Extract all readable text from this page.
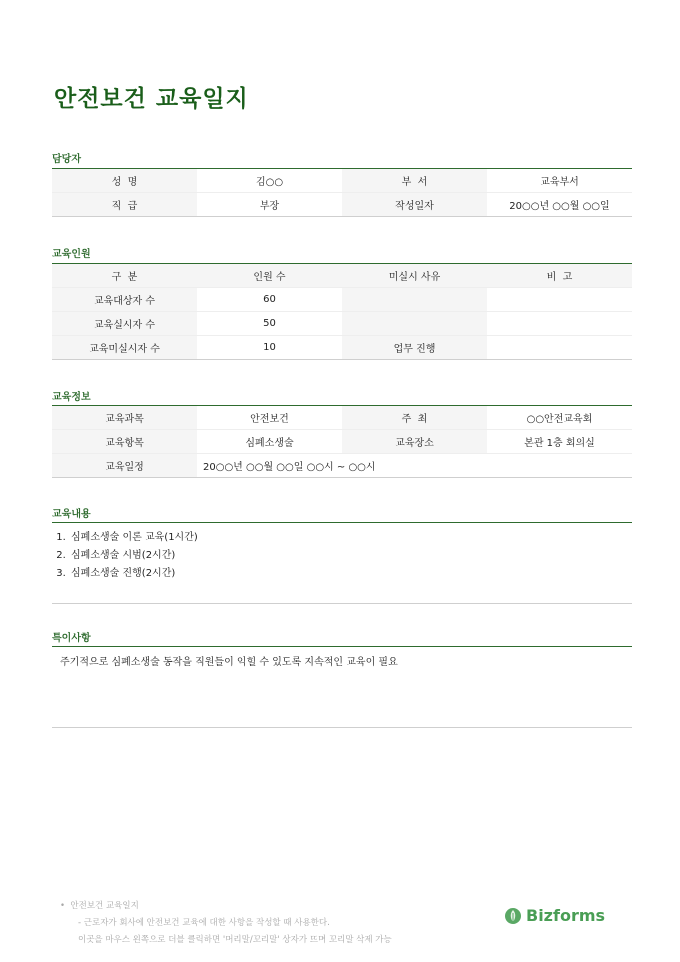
안전보건 교육일지
담당자
성  명	김○○	부  서	교육부서
직  급	부장	작성일자	20○○년 ○○월 ○○일
교육인원
구  분	인원 수	미실시 사유	비  고
교육대상자 수	60		
교육실시자 수	50		
교육미실시자 수	10	업무 진행	
교육정보
교육과목	안전보건	주  최	○○안전교육회
교육항목	심폐소생술	교육장소	본관 1층 회의실
교육일정	20○○년 ○○월 ○○일 ○○시 ~ ○○시		
교육내용
1. 심폐소생술 이론 교육(1시간)
2. 심폐소생술 시범(2시간)
3. 심폐소생술 진행(2시간)
특이사항

주기적으로 심폐소생술 동작을 직원들이 익힐 수 있도록 지속적인 교육이 필요

• 안전보건 교육일지
- 근로자가 회사에 안전보건 교육에 대한 사항을 작성할 때 사용한다.
이곳을 마우스 왼쪽으로 더블 클릭하면 '머리말/꼬리말' 상자가 뜨며 꼬리말 삭제 가능
Bizforms
